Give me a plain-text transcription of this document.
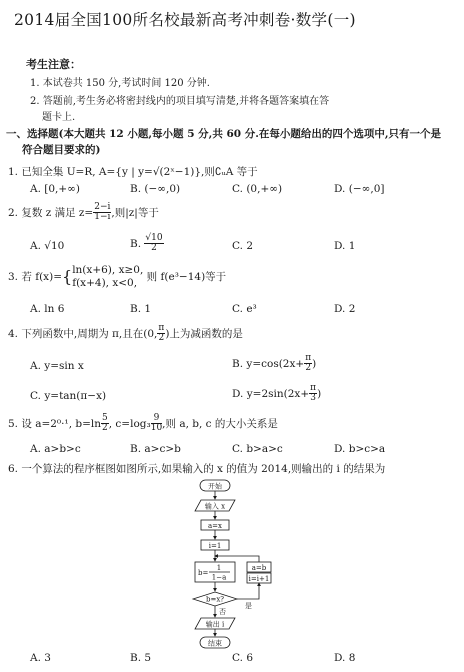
2014届全国100所名校最新高考冲刺卷·数学(一)
考生注意：
1. 本试卷共 150 分,考试时间 120 分钟.
2. 答题前,考生务必将密封线内的项目填写清楚,并将各题答案填在答
题卡上.
一、选择题(本大题共 12 小题,每小题 5 分,共 60 分.在每小题给出的四个选项中,只有一个是
符合题目要求的)
1. 已知全集 U=R, A={y | y=√(2ˣ−1)},则∁ᵤA 等于
A. [0,+∞)	B. (−∞,0)	C. (0,+∞)	D. (−∞,0]
2. 复数 z 满足 $z= \frac{2-i}{1-i}$ ,则|z|等于
A. √10	B. $\frac{√10}{2}$	C. 2	D. 1
3. 若 f(x)={ ln(x+6), x≥0,
f(x+4), x<0, 则 f(e³−14)等于
A. ln 6	B. 1	C. e³	D. 2
4. 下列函数中,周期为 π,且在(0, $\frac{\pi}{2}$ )上为减函数的是
A. y=sin x	B. $y=\cos(2x+ \frac{\pi}{2}$ )
C. y=tan(π−x)	D. $y=2\sin(2x+ \frac{\pi}{3}$ )
5. 设 a=2⁰·¹, $b=\ln \frac{5}{2}$ , $c=\log_3 \frac{9}{10}$ ,则 a, b, c 的大小关系是
A. a>b>c	B. a>c>b	C. b>a>c	D. b>c>a
6. 一个算法的程序框图如图所示,如果输入的 x 的值为 2014,则输出的 i 的结果为
开始
输入 x
a=x
i=1
b=
1
1−a
b=x?
否
是
a=b
i=i+1
输出 i
结束
A. 3	B. 5	C. 6	D. 8
